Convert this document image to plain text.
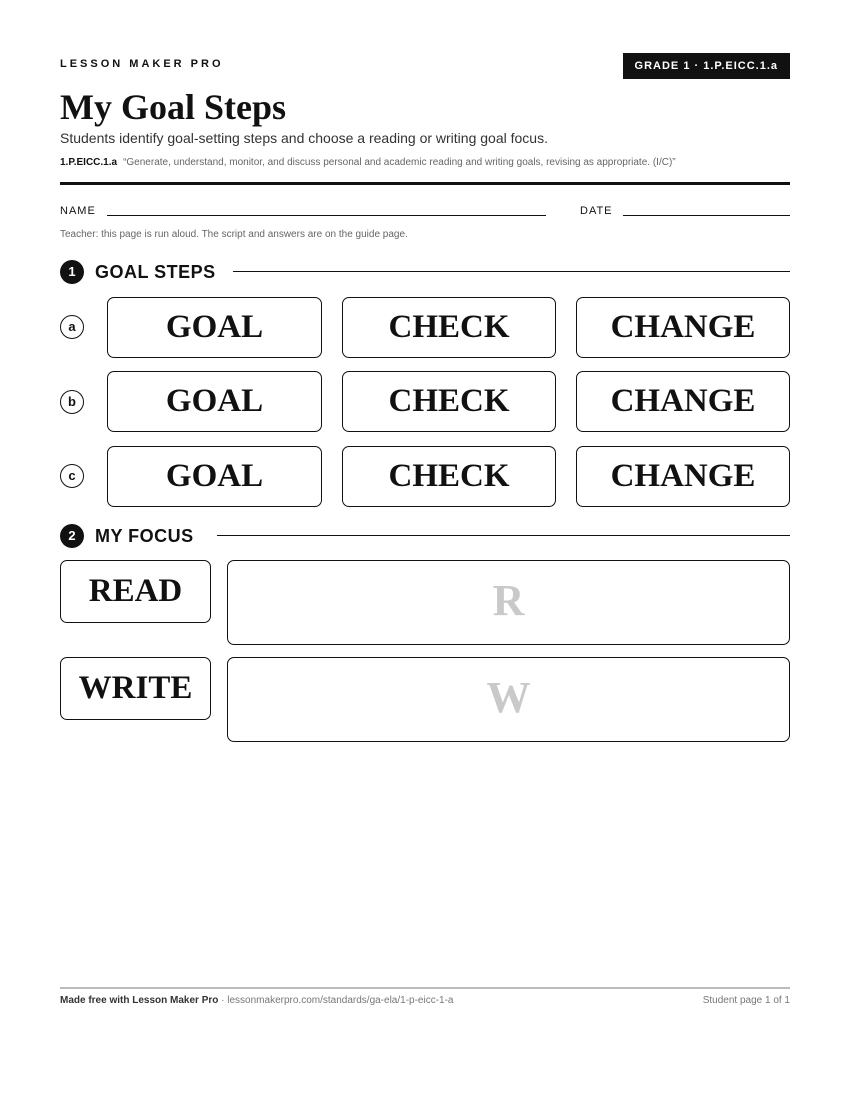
LESSON MAKER PRO	GRADE 1 · 1.P.EICC.1.a
My Goal Steps
Students identify goal-setting steps and choose a reading or writing goal focus.
1.P.EICC.1.a “Generate, understand, monitor, and discuss personal and academic reading and writing goals, revising as appropriate. (I/C)”
NAME	DATE
Teacher: this page is run aloud. The script and answers are on the guide page.
1	GOAL STEPS
a	GOAL	CHECK	CHANGE
b	GOAL	CHECK	CHANGE
c	GOAL	CHECK	CHANGE
2	MY FOCUS
READ	R
WRITE	W
Made free with Lesson Maker Pro · lessonmakerpro.com/standards/ga-ela/1-p-eicc-1-a	Student page 1 of 1
